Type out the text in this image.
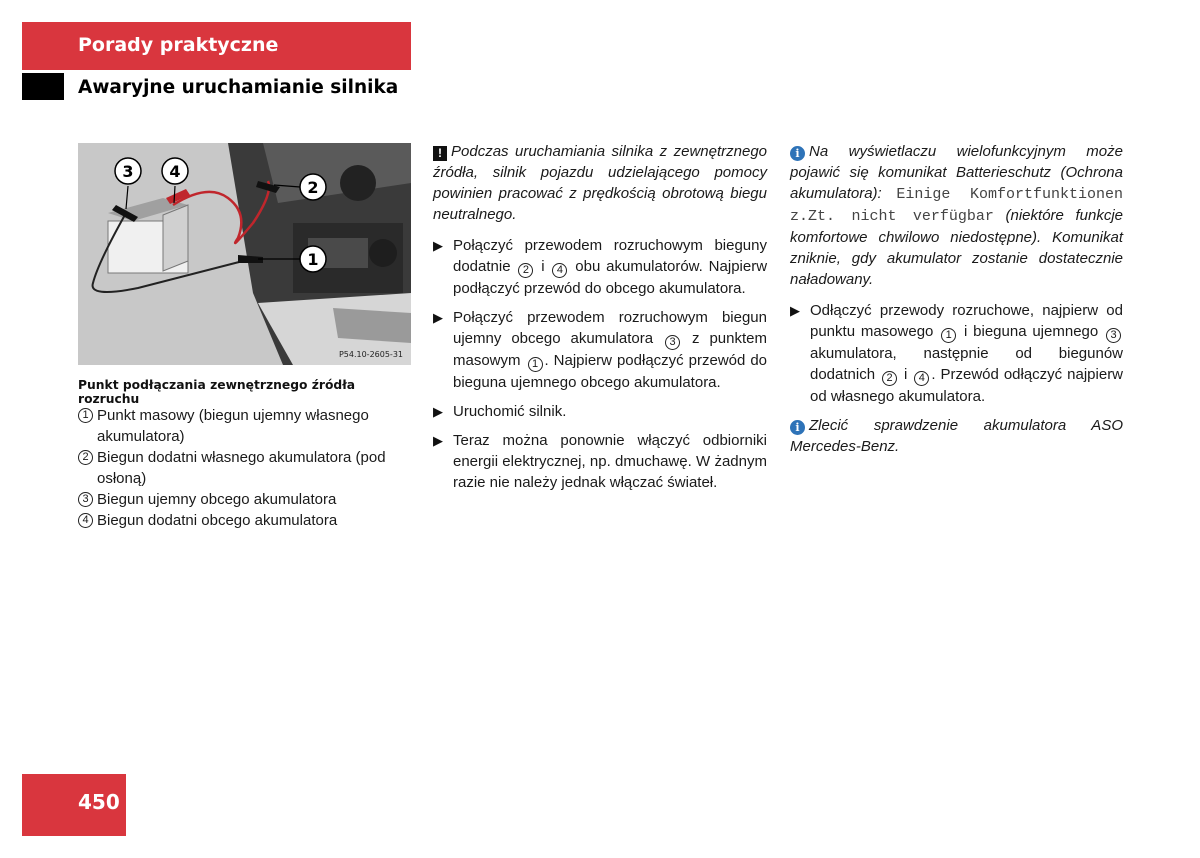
Porady praktyczne
Awaryjne uruchamianie silnika
3 4
2
1
P54.10-2605-31
Punkt podłączania zewnętrznego źródła rozruchu
1 Punkt masowy (biegun ujemny własnego akumulatora)
2 Biegun dodatni własnego akumulatora (pod osłoną)
3 Biegun ujemny obcego akumulatora
4 Biegun dodatni obcego akumulatora

! Podczas uruchamiania silnika z zewnętrznego źródła, silnik pojazdu udzielającego pomocy powinien pracować z prędkością obrotową biegu neutralnego.

▶ Połączyć przewodem rozruchowym bieguny dodatnie 2 i 4 obu akumulatorów. Najpierw podłączyć przewód do obcego akumulatora.
▶ Połączyć przewodem rozruchowym biegun ujemny obcego akumulatora 3 z punktem masowym 1 . Najpierw podłączyć przewód do bieguna ujemnego obcego akumulatora.
▶ Uruchomić silnik.
▶ Teraz można ponownie włączyć odbiorniki energii elektrycznej, np. dmuchawę. W żadnym razie nie należy jednak włączać świateł.

i Na wyświetlaczu wielofunkcyjnym może pojawić się komunikat Batterieschutz (Ochrona akumulatora): Einige Komfortfunktionen z.Zt. nicht verfügbar (niektóre funkcje komfortowe chwilowo niedostępne). Komunikat zniknie, gdy akumulator zostanie dostatecznie naładowany.

▶ Odłączyć przewody rozruchowe, najpierw od punktu masowego 1 i bieguna ujemnego 3 akumulatora, następnie od biegunów dodatnich 2 i 4 . Przewód odłączyć najpierw od własnego akumulatora.

i Zlecić sprawdzenie akumulatora ASO Mercedes-Benz.

450
